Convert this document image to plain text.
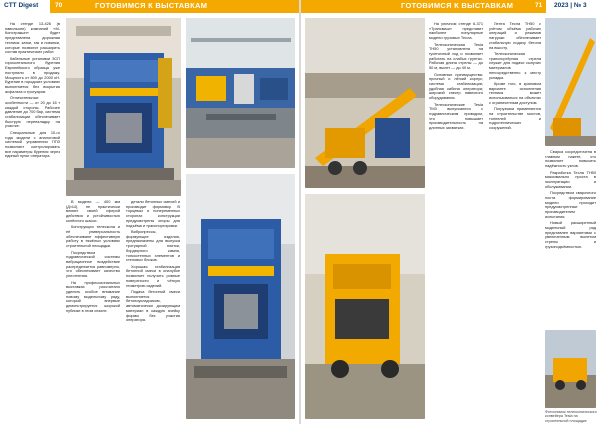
CTT Digest	70	ГОТОВИМСЯ К ВЫСТАВКАМ

На стенде 13-426 (в павильоне) компаний «М-Констракшн» будет представлена дорожная техника: катки, так и новинки, которые позволят расширить состав практических работ.

Кабельные установки ЗСП горизонтального бурения Европейского образца уже поступили в продажу. Мощность от 800 до 2000 кН. Бурение в городских условиях выполняется без вскрытия асфальта и тротуаров.

Отличительные особенности — от 20 до 16 т каждой стороны. Рабочее давление до 700 бар, система стабилизации обеспечивает быструю переналадку на участке.

Специальные для 10-го года модели с аналоговой системой управления ППЗ позволяют контролировать все параметры бурения через единый пульт оператора.

В модели — 400 мм (Д×Ш), не практически влияет своей сферой действия и устойчивостью колёсного шасси.

Конструкция телескопа и её универсальность обеспечивают эффективную работу в тяжёлых условиях строительной площадки.

Посредством гидравлической системы вибрационное воздействие распределяется равномерно, что обеспечивает качество уплотнения.

На профессиональных выставках рассчитано уделять особое внимание новому модельному ряду, который впервые демонстрируется широкой публике в этом сезоне.

детали бетонных смесей и производит формовку. В торцевых и попеременных сторонах конструкции предусмотрены опоры для подъёма и транспортировки.

Вибропрессы, формующие изделия, предназначены для выпуска тротуарной плитки, бордюрного камня, тонкостенных элементов и стеновых блоков.

Хорошая стабилизация бетонной смеси в опалубке позволяет получить ровные поверхности и чёткую геометрию изделий.

Подача бетонной смеси выполняется бетоноукладчиком, автоматически дозирующим материал в каждую ячейку формы без участия оператора.

ГОТОВИМСЯ К ВЫСТАВКАМ	71 2023 | № 3

На уличном стенде 6-371 «Трансмаш» представит наиболее популярные модели грузовых Тесла.

Телескопическая Tesla TH50 установлена на гусеничный ход и позволяет работать на слабых грунтах. Рабочая длина стрелы — до 50 м, вылет — до 40 м.

Основные преимущества: прочный и лёгкий корпус; система стабилизации; удобная кабина оператора; широкий спектр навесного оборудования.

Телескопические Tesla TM3 выпускаются с гидравлическим приводом, что повышает производительность на длинных захватках.

Лента Тесла TH50 с учётом объёма рабочих операций и режимов нагрузки обеспечивает стабильную подачу бетона на высоту.

Телескопическая транспортёрная стрела служит для подачи сыпучих материалов непосредственно к месту укладки.

Кроме того, в крановом варианте исполнения техника может использоваться на объектах с ограниченным доступом.

Погрузчики применяются на строительстве мостов, тоннелей и гидротехнических сооружений.

Сварка сосредоточена в главном пакете, что позволяет повысить надёжность узлов.

Разработка Тесла TH50 максимально проста в эксплуатации и обслуживании.

Посредством сварочного поста формирование модели проходит предусмотренные производителем испытания.

Новый расширенный модельный ряд представлен вариантами с увеличенным вылетом стрелы и грузоподъёмностью.

Фотоснимок телескопического конвейера Tesla на строительной площадке
